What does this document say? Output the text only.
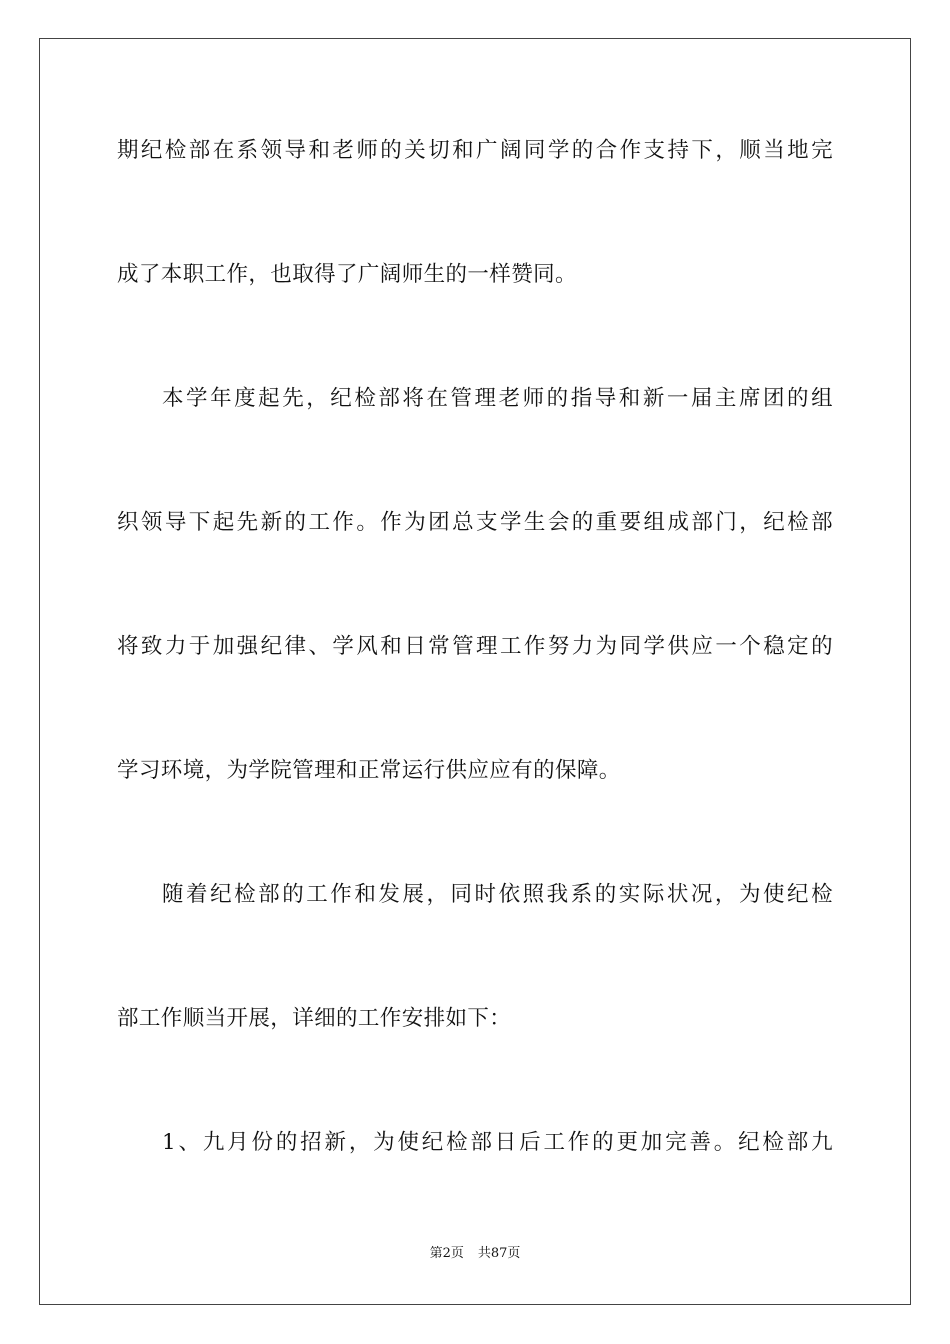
期纪检部在系领导和老师的关切和广阔同学的合作支持下，顺当地完
成了本职工作，也取得了广阔师生的一样赞同。
本学年度起先，纪检部将在管理老师的指导和新一届主席团的组
织领导下起先新的工作。作为团总支学生会的重要组成部门，纪检部
将致力于加强纪律、学风和日常管理工作努力为同学供应一个稳定的
学习环境，为学院管理和正常运行供应应有的保障。
随着纪检部的工作和发展，同时依照我系的实际状况，为使纪检
部工作顺当开展，详细的工作安排如下：
1、九月份的招新，为使纪检部日后工作的更加完善。纪检部九
第2页 共87页
